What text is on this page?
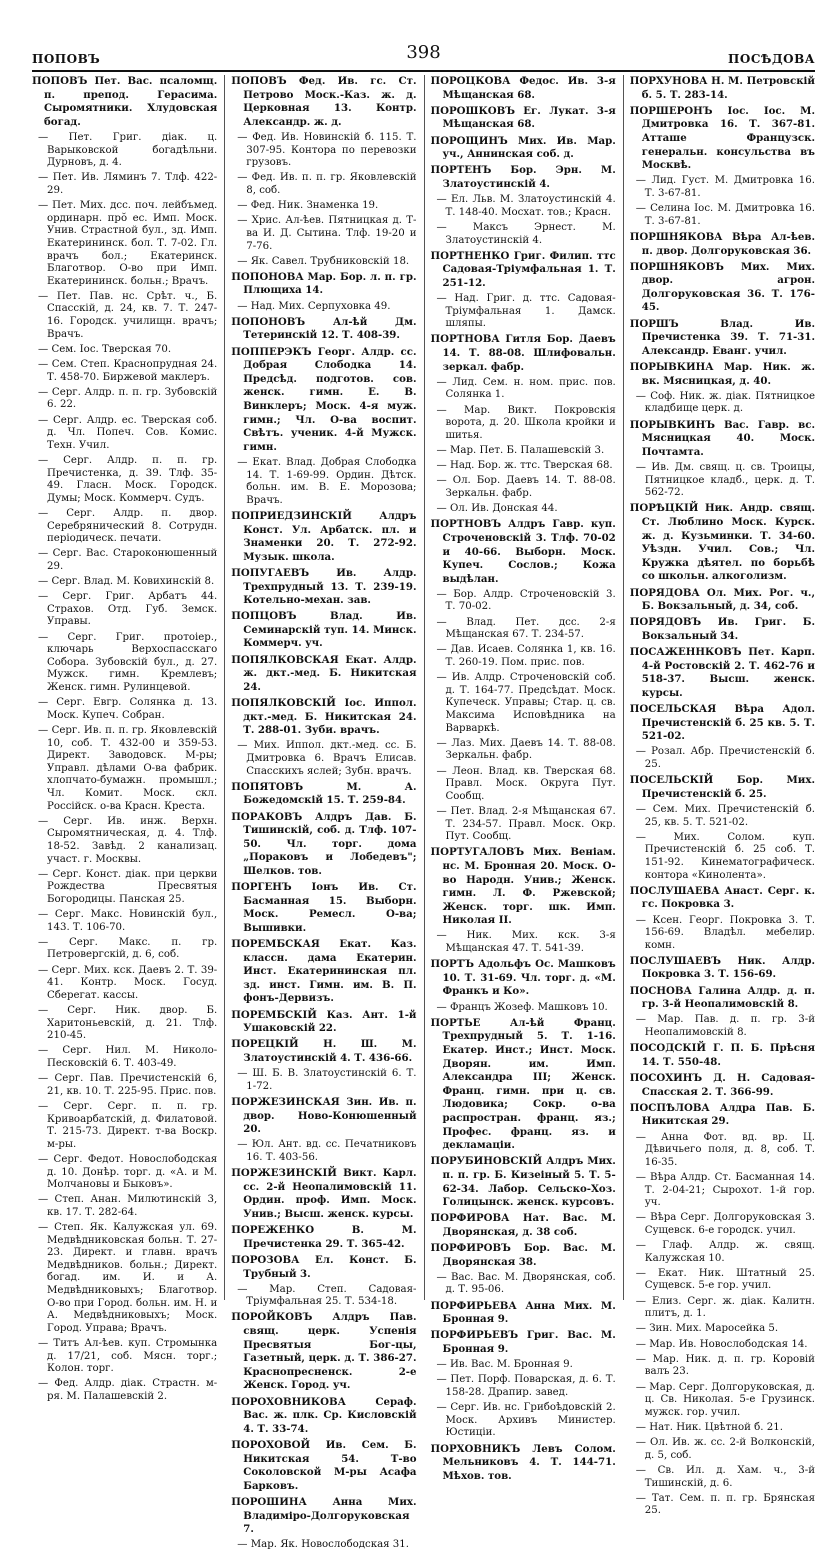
ПОПОВЪ	398	ПОСѢДОВА
ПОПОВЪ Пет. Вас. псаломщ. п. препод. Герасима. Сыромятники. Хлудовская богад.
— Пет. Григ. діак. ц. Варыковской богадѣльни. Дурновъ, д. 4.
— Пет. Ив. Ляминъ 7. Тлф. 422-29.
— Пет. Мих. дсс. поч. лейбъмед. ординарн. про̆ ес. Имп. Моск. Унив. Страстной бул., зд. Имп. Екатерининск. бол. Т. 7-02. Гл. врачъ бол.; Екатеринск. Благотвор. О-во при Имп. Екатерининск. больн.; Врачъ.
— Пет. Пав. нс. Срѣт. ч., Б. Спасскій, д. 24, кв. 7. Т. 247-16. Городск. училищн. врачъ; Врачъ.
— Сем. Іос. Тверская 70.
— Сем. Степ. Краснопрудная 24. Т. 458-70. Биржевой маклеръ.
— Серг. Алдр. п. п. гр. Зубовскій 6. 22.
— Серг. Алдр. ес. Тверская соб. д. Чл. Попеч. Сов. Комис. Техн. Учил.
— Серг. Алдр. п. п. гр. Пречистенка, д. 39. Тлф. 35-49. Гласн. Моск. Городск. Думы; Моск. Коммерч. Судъ.
— Серг. Алдр. п. двор. Серебрянический 8. Сотрудн. періодическ. печати.
— Серг. Вас. Староконюшенный 29.
— Серг. Влад. М. Ковихинскій 8.
— Серг. Григ. Арбатъ 44. Страхов. Отд. Губ. Земск. Управы.
— Серг. Григ. протоіер., ключарь Верхоспасскаго Собора. Зубовскій бул., д. 27. Мужск. гимн. Кремлевъ; Женск. гимн. Рулинцевой.
— Серг. Евгр. Солянка д. 13. Моск. Купеч. Собран.
— Серг. Ив. п. п. гр. Яковлевскій 10, соб. Т. 432-00 и 359-53. Директ. Заводовск. М-ры; Управл. дѣлами О-ва фабрик. хлопчато-бумажн. промышл.; Чл. Комит. Моск. скл. Россійск. о-ва Красн. Креста.
— Серг. Ив. инж. Верхн. Сыромятническая, д. 4. Тлф. 18-52. Завѣд. 2 канализац. участ. г. Москвы.
— Серг. Конст. діак. при церкви Рождества Пресвятыя Богородицы. Панская 25.
— Серг. Макс. Новинскій бул., 143. Т. 106-70.
— Серг. Макс. п. гр. Петровергскій, д. 6, соб.
— Серг. Мих. кск. Даевъ 2. Т. 39-41. Контр. Моск. Госуд. Сберегат. кассы.
— Серг. Ник. двор. Б. Харитоньевскій, д. 21. Тлф. 210-45.
— Серг. Нил. М. Николо-Песковскій 6. Т. 403-49.
— Серг. Пав. Пречистенскій 6, 21, кв. 10. Т. 225-95. Прис. пов.
— Серг. Серг. п. п. гр. Кривоарбатскій, д. Филатовой. Т. 215-73. Директ. т-ва Воскр. м-ры.
— Серг. Федот. Новослободская д. 10. Донѣр. торг. д. «А. и М. Молчановы и Быковъ».
— Степ. Анан. Милютинскій 3, кв. 17. Т. 282-64.
— Степ. Як. Калужская ул. 69. Медвѣдниковская больн. Т. 27-23. Директ. и главн. врачъ Медвѣдников. больн.; Директ. богад. им. И. и А. Медвѣдниковыхъ; Благотвор. О-во при Город. больн. им. Н. и А. Медвѣдниковыхъ; Моск. Город. Управа; Врачъ.
— Титъ Ал-ѣев. куп. Стромынка д. 17/21, соб. Мясн. торг.; Колон. торг.
— Фед. Алдр. діак. Страстн. м-ря. М. Палашевскій 2.
ПОПОВЪ Фед. Ив. гс. Ст. Петрово Моск.-Каз. ж. д. Церковная 13. Контр. Александр. ж. д.
— Фед. Ив. Новинскій б. 115. Т. 307-95. Контора по перевозки грузовъ.
— Фед. Ив. п. п. гр. Яковлевскій 8, соб.
— Фед. Ник. Знаменка 19.
— Хрис. Ал-ѣев. Пятницкая д. Т-ва И. Д. Сытина. Тлф. 19-20 и 7-76.
— Як. Савел. Трубниковскій 18.
ПОПОНОВА Мар. Бор. л. п. гр. Плющиха 14.
— Над. Мих. Серпуховка 49.
ПОПОНОВЪ Ал-ѣй Дм. Тетеринскій 12. Т. 408-39.
ПОППЕРЭКЪ Георг. Алдр. сс. Добрая Слободка 14. Предсѣд. подготов. сов. женск. гимн. Е. В. Винклеръ; Моск. 4-я муж. гимн.; Чл. О-ва воспит. Свѣтъ. ученик. 4-й Мужск. гимн.
— Екат. Влад. Добрая Слободка 14. Т. 1-69-99. Ордин. Дѣтск. больн. им. В. Е. Морозова; Врачъ.
ПОПРИЕДЗИНСКІЙ Алдръ Конст. Ул. Арбатск. пл. и Знаменки 20. Т. 272-92. Музык. школа.
ПОПУГАЕВЪ Ив. Алдр. Трехпрудный 13. Т. 239-19. Котельно-механ. зав.
ПОПЦОВЪ Влад. Ив. Семинарскій туп. 14. Минск. Коммерч. уч.
ПОПЯЛКОВСКАЯ Екат. Алдр. ж. дкт.-мед. Б. Никитская 24.
ПОПЯЛКОВСКІЙ Іос. Иппол. дкт.-мед. Б. Никитская 24. Т. 288-01. Зуби. врачъ.
— Мих. Иппол. дкт.-мед. сс. Б. Дмитровка 6. Врачъ Елисав. Спасскихъ яслей; Зубн. врачъ.
ПОПЯТОВЪ М. А. Божедомскій 15. Т. 259-84.
ПОРАКОВЪ Алдръ Дав. Б. Тишинскій, соб. д. Тлф. 107-50. Чл. торг. дома „Пораковъ и Лобедевъ"; Шелков. тов.
ПОРГЕНЪ Іонъ Ив. Ст. Басманная 15. Выборн. Моск. Ремесл. О-ва; Вышивки.
ПОРЕМБСКАЯ Екат. Каз. классн. дама Екатерин. Инст. Екатерининская пл. зд. инст. Гимн. им. В. П. фонъ-Дервизъ.
ПОРЕМБСКІЙ Каз. Ант. 1-й Ушаковскій 22.
ПОРЕЦКІЙ Н. Ш. М. Златоустинскій 4. Т. 436-66.
— Ш. Б. В. Златоустинскій 6. Т. 1-72.
ПОРЖЕЗИНСКАЯ Зин. Ив. п. двор. Ново-Конюшенный 20.
— Юл. Ант. вд. сс. Печатниковъ 16. Т. 403-56.
ПОРЖЕЗИНСКІЙ Викт. Карл. сс. 2-й Неопалимовскій 11. Ордин. проф. Имп. Моск. Унив.; Высш. женск. курсы.
ПОРЕЖЕНКО В. М. Пречистенка 29. Т. 365-42.
ПОРОЗОВА Ел. Конст. Б. Трубный 3.
— Мар. Степ. Садовая-Тріумфальная 25. Т. 534-18.
ПОРОЙКОВЪ Алдръ Пав. свящ. церк. Успенія Пресвятыя Бог-цы, Газетный, церк. д. Т. 386-27. Краснопресненск. 2-е Женск. Город. уч.
ПОРОХОВНИКОВА Сераф. Вас. ж. плк. Ср. Кисловскій 4. Т. 33-74.
ПОРОХОВОЙ Ив. Сем. Б. Никитская 54. Т-во Соколовской М-ры Асафа Барковъ.
ПОРОШИНА Анна Мих. Владиміро-Долгоруковская 7.
— Мар. Як. Новослободская 31.
ПОРОЦКОВА Федос. Ив. 3-я Мѣщанская 68.
ПОРОШКОВЪ Ег. Лукат. 3-я Мѣщанская 68.
ПОРОЩИНЪ Мих. Ив. Мар. уч., Аннинская соб. д.
ПОРТЕНЪ Бор. Эрн. М. Златоустинскій 4.
— Ел. Льв. М. Златоустинскій 4. Т. 148-40. Мосхат. тов.; Красн.
— Максъ Эрнест. М. Златоустинскій 4.
ПОРТНЕНКО Григ. Филип. ттс Садовая-Тріумфальная 1. Т. 251-12.
— Над. Григ. д. ттс. Садовая-Тріумфальная 1. Дамск. шляпы.
ПОРТНОВА Гитля Бор. Даевъ 14. Т. 88-08. Шлифовальн. зеркал. фабр.
— Лид. Сем. н. ном. прис. пов. Солянка 1.
— Мар. Викт. Покровскія ворота, д. 20. Школа кройки и шитья.
— Мар. Пет. Б. Палашевскій 3.
— Над. Бор. ж. ттс. Тверская 68.
— Ол. Бор. Даевъ 14. Т. 88-08. Зеркальн. фабр.
— Ол. Ив. Донская 44.
ПОРТНОВЪ Алдръ Гавр. куп. Строченовскій 3. Тлф. 70-02 и 40-66. Выборн. Моск. Купеч. Сослов.; Кожа выдѣлан.
— Бор. Алдр. Строченовскій 3. Т. 70-02.
— Влад. Пет. дсс. 2-я Мѣщанская 67. Т. 234-57.
— Дав. Исаев. Солянка 1, кв. 16. Т. 260-19. Пом. прис. пов.
— Ив. Алдр. Строченовскій соб. д. Т. 164-77. Предсѣдат. Моск. Купеческ. Управы; Стар. ц. св. Максима Исповѣдника на Варваркѣ.
— Лаз. Мих. Даевъ 14. Т. 88-08. Зеркальн. фабр.
— Леон. Влад. кв. Тверская 68. Правл. Моск. Округа Пут. Сообщ.
— Пет. Влад. 2-я Мѣщанская 67. Т. 234-57. Правл. Моск. Окр. Пут. Сообщ.
ПОРТУГАЛОВЪ Мих. Веніам. нс. М. Бронная 20. Моск. О-во Народн. Унив.; Женск. гимн. Л. Ф. Ржевской; Женск. торг. шк. Имп. Николая II.
— Ник. Мих. кск. 3-я Мѣщанская 47. Т. 541-39.
ПОРТЪ Адольфъ Ос. Машковъ 10. Т. 31-69. Чл. торг. д. «М. Франкъ и Ко».
— Францъ Жозеф. Машковъ 10.
ПОРТЬЕ Ал-ѣй Франц. Трехпрудный 5. Т. 1-16. Екатер. Инст.; Инст. Моск. Дворян. им. Имп. Александра III; Женск. Франц. гимн. при ц. св. Людовика; Сокр. о-ва распростран. франц. яз.; Профес. франц. яз. и декламаціи.
ПОРУБИНОВСКІЙ Алдръ Мих. п. п. гр. Б. Кизеіный 5. Т. 5-62-34. Лабор. Сельско-Хоз. Голицынск. женск. курсовъ.
ПОРФИРОВА Нат. Вас. М. Дворянская, д. 38 соб.
ПОРФИРОВЪ Бор. Вас. М. Дворянская 38.
— Вас. Вас. М. Дворянская, соб. д. Т. 95-06.
ПОРФИРЬЕВА Анна Мих. М. Бронная 9.
ПОРФИРЬЕВЪ Григ. Вас. М. Бронная 9.
— Ив. Вас. М. Бронная 9.
— Пет. Порф. Поварская, д. 6. Т. 158-28. Драпир. завед.
— Серг. Ив. нс. Грибоѣдовскій 2. Моск. Архивъ Министер. Юстиціи.
ПОРХОВНИКЪ Левъ Солом. Мельниковъ 4. Т. 144-71. Мѣхов. тов.
ПОРХУНОВА Н. М. Петровскій б. 5. Т. 283-14.
ПОРШЕРОНЪ Іос. Іос. М. Дмитровка 16. Т. 367-81. Атташе Французск. генеральн. консульства въ Москвѣ.
— Лид. Густ. М. Дмитровка 16. Т. 3-67-81.
— Селина Іос. М. Дмитровка 16. Т. 3-67-81.
ПОРШНЯКОВА Вѣра Ал-ѣев. п. двор. Долгоруковская 36.
ПОРШНЯКОВЪ Мих. Мих. двор. агрон. Долгоруковская 36. Т. 176-45.
ПОРШЪ Влад. Ив. Пречистенка 39. Т. 71-31. Александр. Еванг. учил.
ПОРЫВКИНА Мар. Ник. ж. вк. Мясницкая, д. 40.
— Соф. Ник. ж. діак. Пятницкое кладбище церк. д.
ПОРЫВКИНЪ Вас. Гавр. вс. Мясницкая 40. Моск. Почтамта.
— Ив. Дм. свящ. ц. св. Троицы, Пятницкое кладб., церк. д. Т. 562-72.
ПОРѢЦКІЙ Ник. Андр. свящ. Ст. Люблино Моск. Курск. ж. д. Кузьминки. Т. 34-60. Уѣздн. Учил. Сов.; Чл. Кружка дѣятел. по борьбѣ со школьн. алкоголизм.
ПОРЯДОВА Ол. Мих. Рог. ч., Б. Вокзальный, д. 34, соб.
ПОРЯДОВЪ Ив. Григ. Б. Вокзальный 34.
ПОСАЖЕННКОВЪ Пет. Карп. 4-й Ростовскій 2. Т. 462-76 и 518-37. Высш. женск. курсы.
ПОСЕЛЬСКАЯ Вѣра Адол. Пречистенскій б. 25 кв. 5. Т. 521-02.
— Розал. Абр. Пречистенскій б. 25.
ПОСЕЛЬСКІЙ Бор. Мих. Пречистенскій б. 25.
— Сем. Мих. Пречистенскій б. 25, кв. 5. Т. 521-02.
— Мих. Солом. куп. Пречистенскій б. 25 соб. Т. 151-92. Кинематографическ. контора «Кинолента».
ПОСЛУШАЕВА Анаст. Серг. к. гс. Покровка 3.
— Ксен. Георг. Покровка 3. Т. 156-69. Владѣл. мебелир. комн.
ПОСЛУШАЕВЪ Ник. Алдр. Покровка 3. Т. 156-69.
ПОСНОВА Галина Алдр. д. п. гр. 3-й Неопалимовскій 8.
— Мар. Пав. д. п. гр. 3-й Неопалимовскій 8.
ПОСОДСКІЙ Г. П. Б. Прѣсня 14. Т. 550-48.
ПОСОХИНЪ Д. Н. Садовая-Спасская 2. Т. 366-99.
ПОСПѢЛОВА Алдра Пав. Б. Никитская 29.
— Анна Фот. вд. вр. Ц. Дѣвичьего поля, д. 8, соб. Т. 16-35.
— Вѣра Алдр. Ст. Басманная 14. Т. 2-04-21; Сырохот. 1-й гор. уч.
— Вѣра Серг. Долгоруковская 3. Сущевск. 6-е городск. учил.
— Глаф. Алдр. ж. свящ. Калужская 10.
— Екат. Ник. Штатный 25. Сущевск. 5-е гор. учил.
— Елиз. Серг. ж. діак. Калитн. плитъ, д. 1.
— Зин. Мих. Маросейка 5.
— Мар. Ив. Новослободская 14.
— Мар. Ник. д. п. гр. Коровій валъ 23.
— Мар. Серг. Долгоруковская, д. ц. Св. Николая. 5-е Грузинск. мужск. гор. учил.
— Нат. Ник. Цвѣтной б. 21.
— Ол. Ив. ж. сс. 2-й Волконскій, д. 5, соб.
— Св. Ил. д. Хам. ч., 3-й Тишинскій, д. 6.
— Тат. Сем. п. п. гр. Брянская 25.
